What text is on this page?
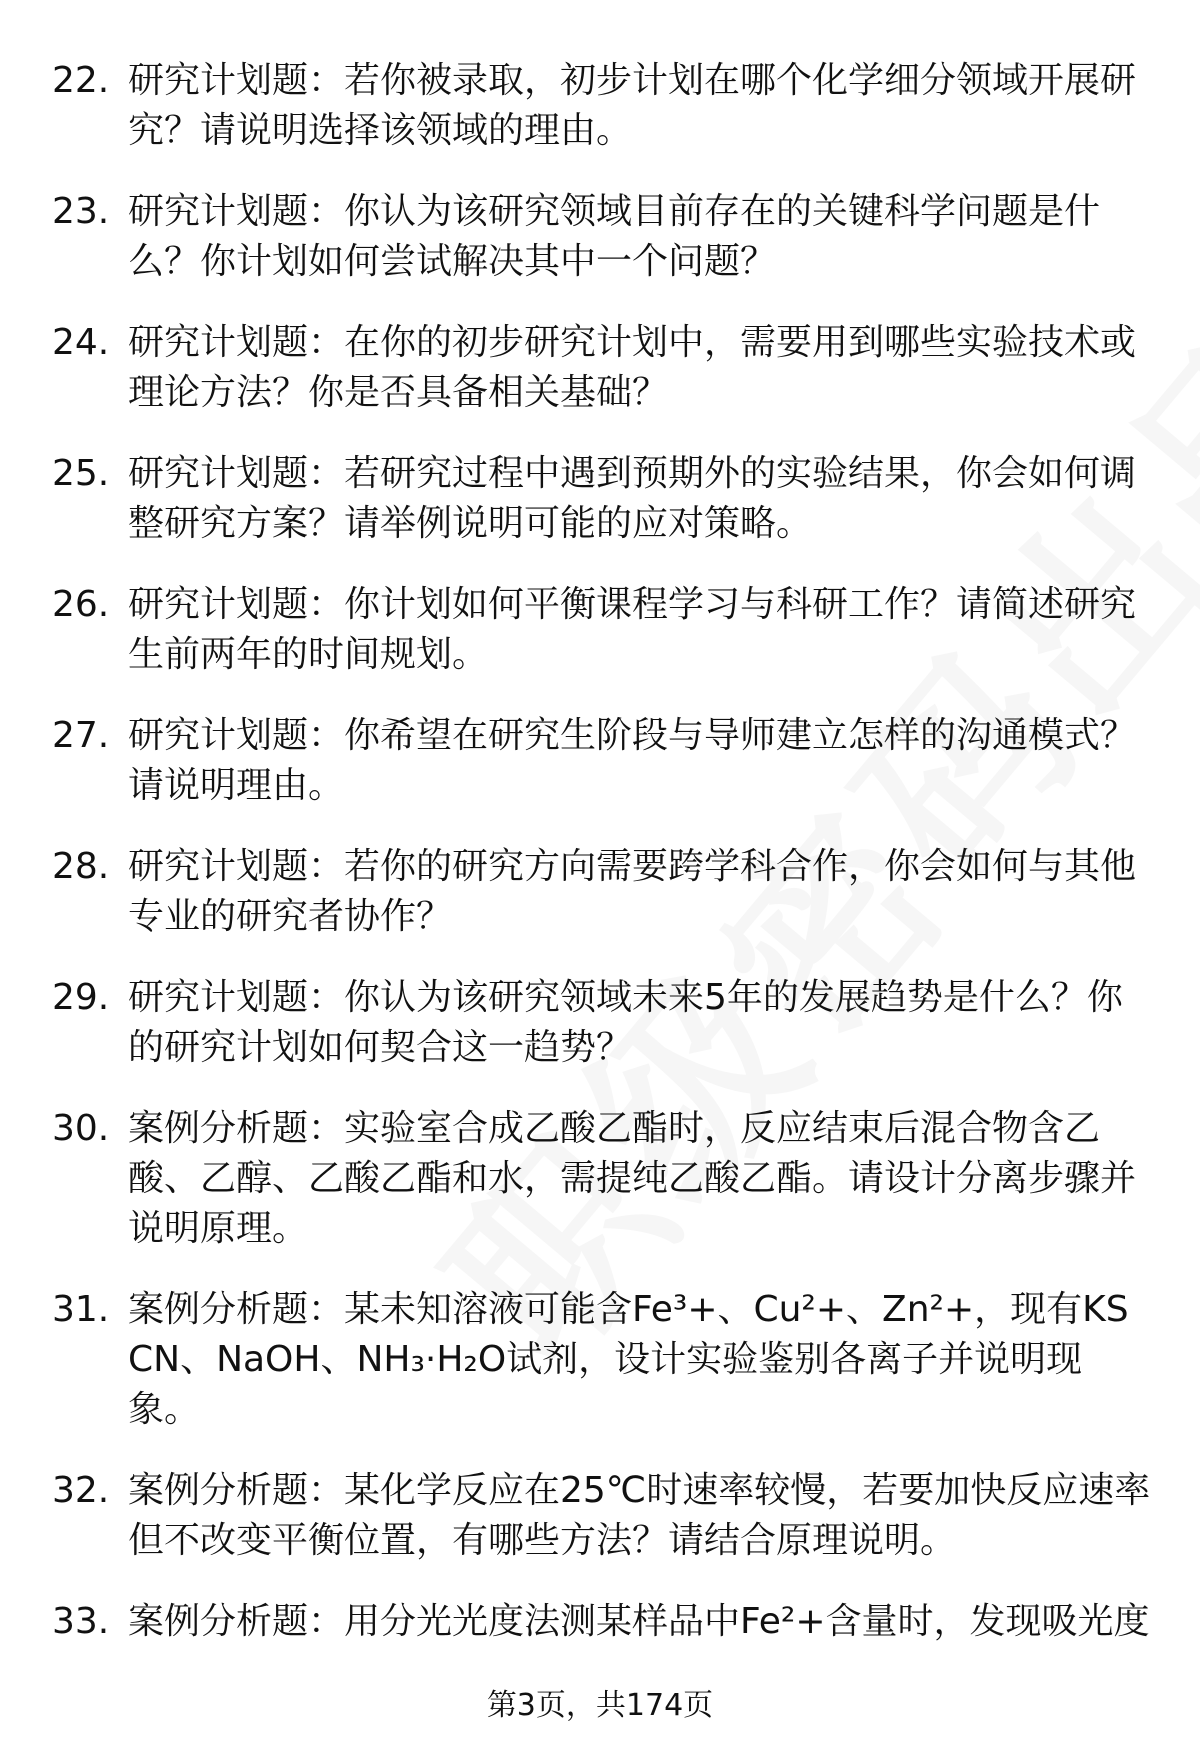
22. 研究计划题：若你被录取，初步计划在哪个化学细分领域开展研究？请说明选择该领域的理由。
23. 研究计划题：你认为该研究领域目前存在的关键科学问题是什么？你计划如何尝试解决其中一个问题？
24. 研究计划题：在你的初步研究计划中，需要用到哪些实验技术或理论方法？你是否具备相关基础？
25. 研究计划题：若研究过程中遇到预期外的实验结果，你会如何调整研究方案？请举例说明可能的应对策略。
26. 研究计划题：你计划如何平衡课程学习与科研工作？请简述研究生前两年的时间规划。
27. 研究计划题：你希望在研究生阶段与导师建立怎样的沟通模式？请说明理由。
28. 研究计划题：若你的研究方向需要跨学科合作，你会如何与其他专业的研究者协作？
29. 研究计划题：你认为该研究领域未来5年的发展趋势是什么？你的研究计划如何契合这一趋势？
30. 案例分析题：实验室合成乙酸乙酯时，反应结束后混合物含乙酸、乙醇、乙酸乙酯和水，需提纯乙酸乙酯。请设计分离步骤并说明原理。
31. 案例分析题：某未知溶液可能含Fe³+、Cu²+、Zn²+，现有KSCN、NaOH、NH₃·H₂O试剂，设计实验鉴别各离子并说明现象。
32. 案例分析题：某化学反应在25℃时速率较慢，若要加快反应速率但不改变平衡位置，有哪些方法？请结合原理说明。
33. 案例分析题：用分光光度法测某样品中Fe²+含量时，发现吸光度
第3页，共174页
